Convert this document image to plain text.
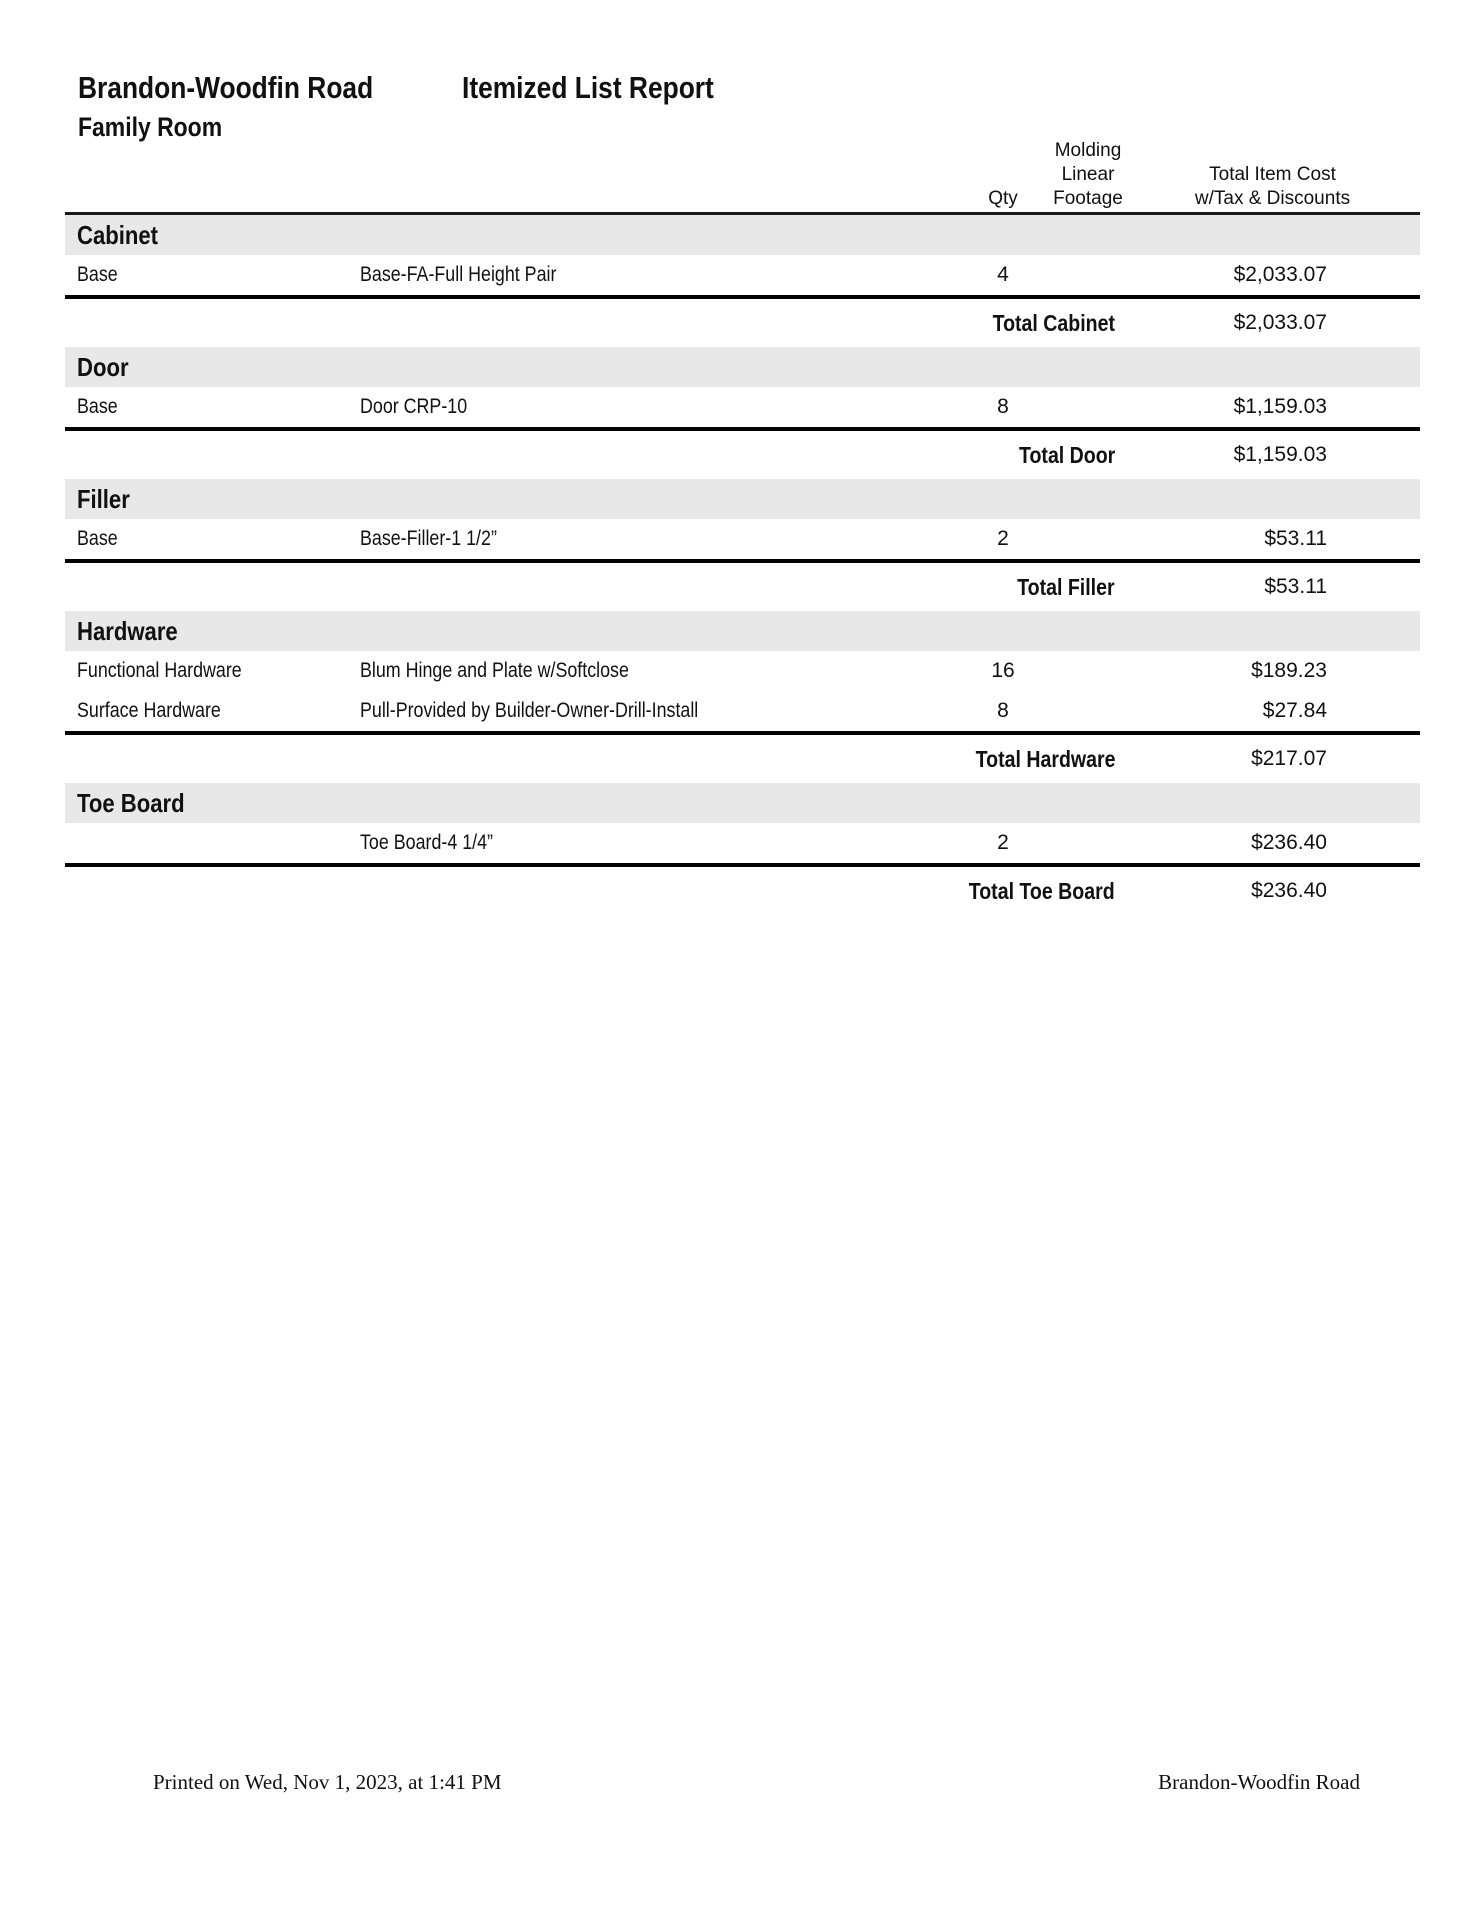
Brandon-Woodfin Road	Itemized List Report
Family Room
Qty
Molding
Linear
Footage
Total Item Cost
w/Tax & Discounts
Cabinet
Base	Base-FA-Full Height Pair	4	$2,033.07
Total Cabinet	$2,033.07
Door
Base	Door CRP-10	8	$1,159.03
Total Door	$1,159.03
Filler
Base	Base-Filler-1 1/2”	2	$53.11
Total Filler	$53.11
Hardware
Functional Hardware	Blum Hinge and Plate w/Softclose	16	$189.23
Surface Hardware	Pull-Provided by Builder-Owner-Drill-Install	8	$27.84
Total Hardware	$217.07
Toe Board
Toe Board-4 1/4”	2	$236.40
Total Toe Board	$236.40
Printed on Wed, Nov 1, 2023, at 1:41 PM	Brandon-Woodfin Road
